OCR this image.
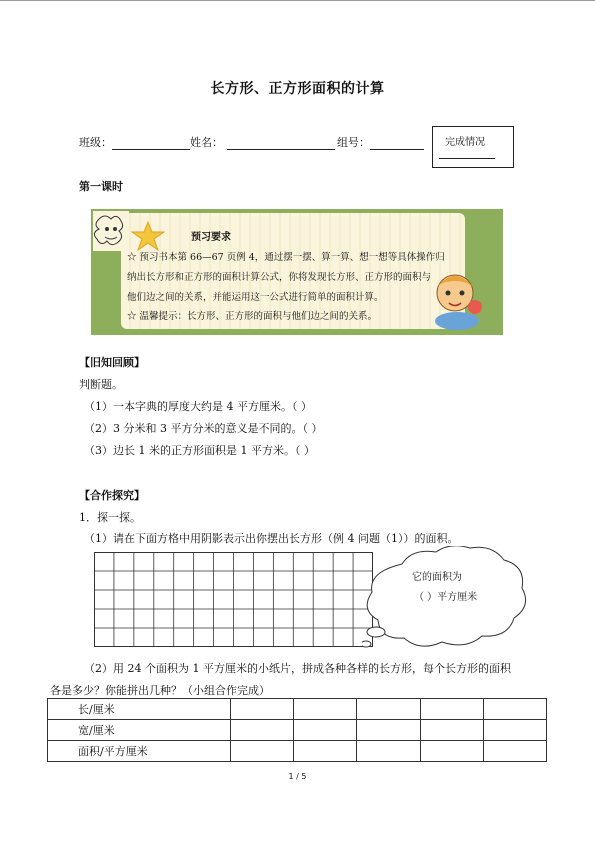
长方形、正方形面积的计算
班级：	姓名：	组号：	完成情况
第一课时
预习要求
☆ 预习书本第 66—67 页例 4，通过摆一摆、算一算、想一想等具体操作归
纳出长方形和正方形的面积计算公式，你将发现长方形、正方形的面积与
他们边之间的关系，并能运用这一公式进行简单的面积计算。
☆ 温馨提示：长方形、正方形的面积与他们边之间的关系。
【旧知回顾】
判断题。
（1）一本字典的厚度大约是 4 平方厘米。（ ）
（2）3 分米和 3 平方分米的意义是不同的。（ ）
（3）边长 1 米的正方形面积是 1 平方米。（ ）
【合作探究】
1．探一探。
（1）请在下面方格中用阴影表示出你摆出长方形（例 4 问题（1））的面积。
它的面积为
（ ）平方厘米
（2）用 24 个面积为 1 平方厘米的小纸片，拼成各种各样的长方形，每个长方形的面积
各是多少？你能拼出几种？（小组合作完成）
长/厘米					
宽/厘米					
面积/平方厘米					
1 / 5
